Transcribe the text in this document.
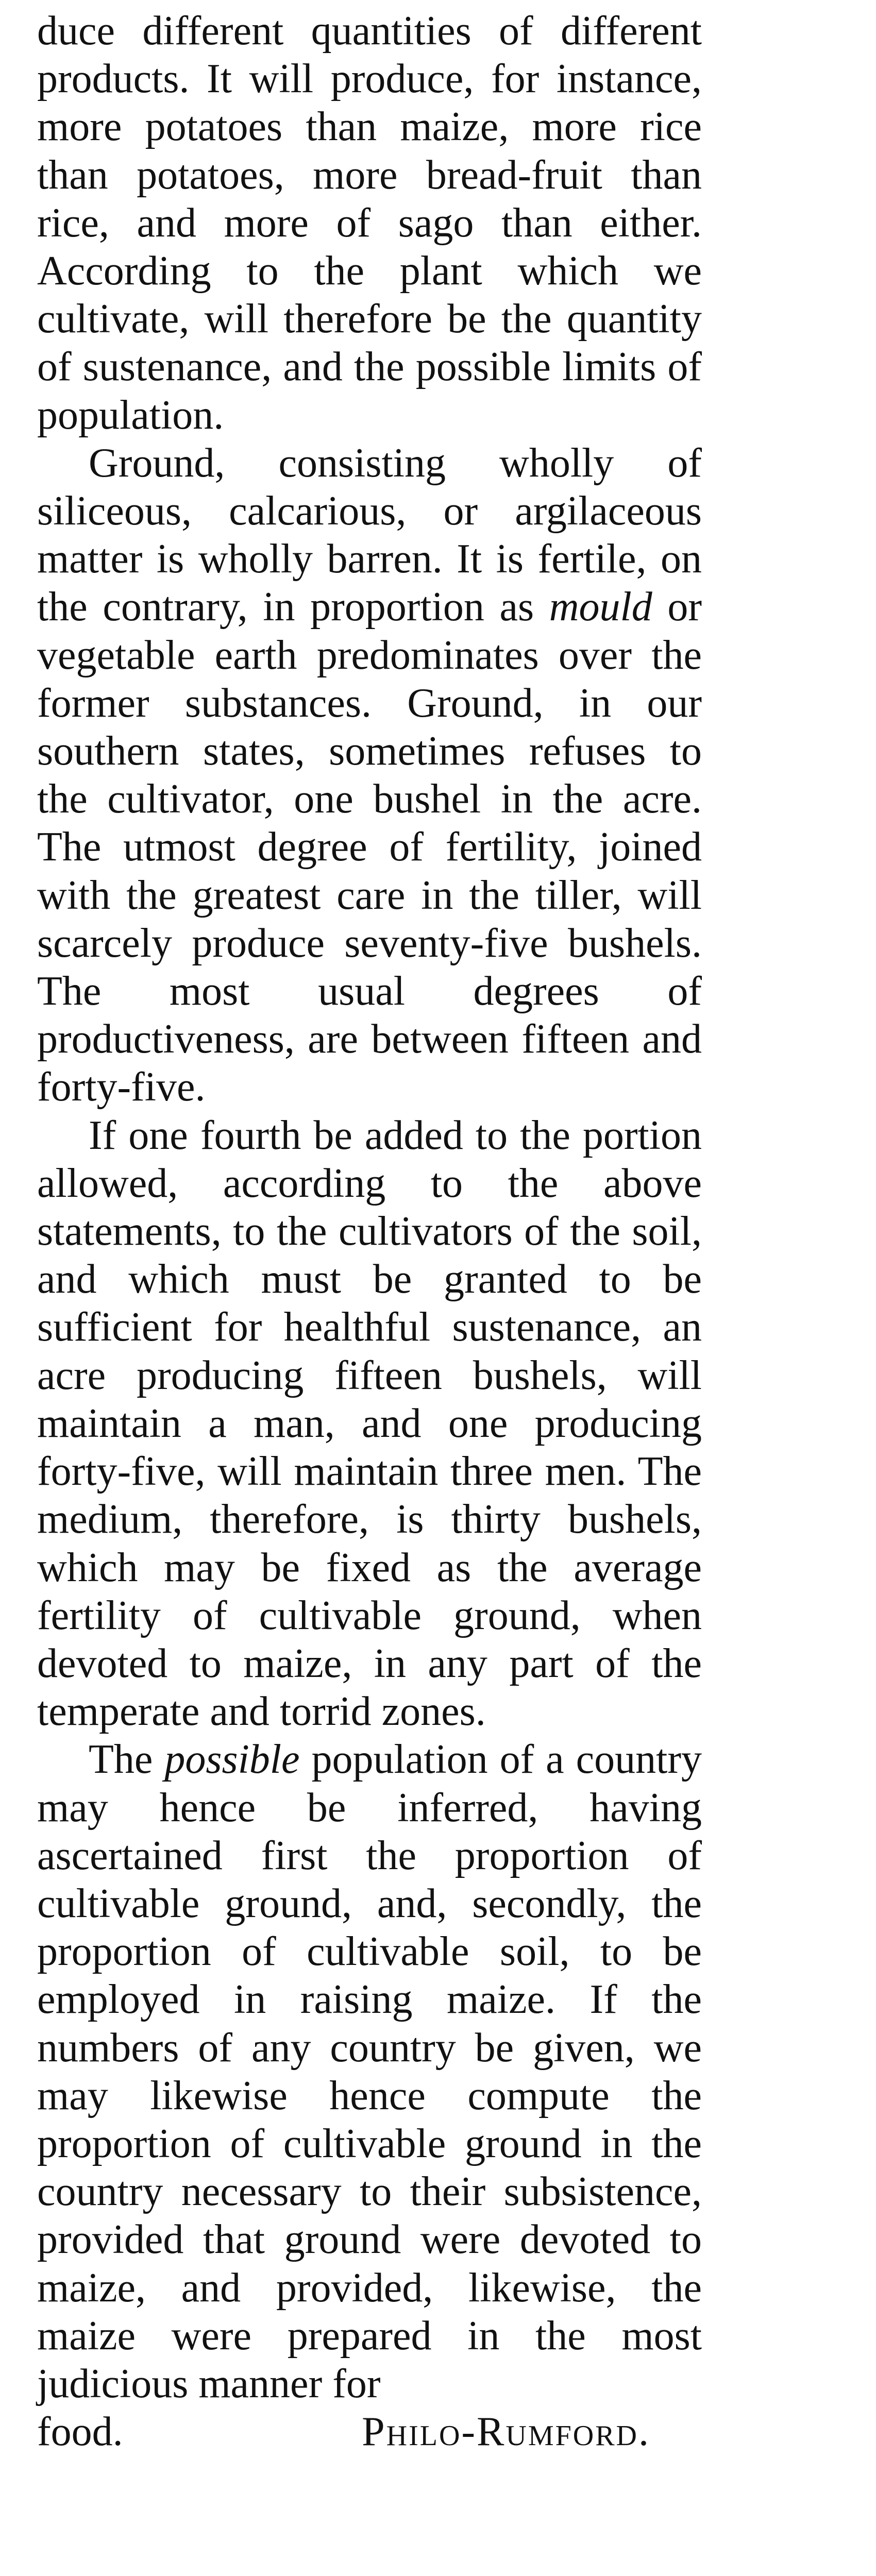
duce different quantities of different products. It will produce, for instance, more potatoes than maize, more rice than potatoes, more bread-fruit than rice, and more of sago than either. According to the plant which we cultivate, will therefore be the quantity of sustenance, and the possible limits of population.

Ground, consisting wholly of siliceous, calcarious, or argilaceous matter is wholly barren. It is fertile, on the contrary, in proportion as mould or vegetable earth predominates over the former substances. Ground, in our southern states, sometimes refuses to the cultivator, one bushel in the acre. The utmost degree of fertility, joined with the greatest care in the tiller, will scarcely produce seventy-five bushels. The most usual degrees of productiveness, are between fifteen and forty-five.

If one fourth be added to the portion allowed, according to the above statements, to the cultivators of the soil, and which must be granted to be sufficient for healthful sustenance, an acre producing fifteen bushels, will maintain a man, and one producing forty-five, will maintain three men. The medium, therefore, is thirty bushels, which may be fixed as the average fertility of cultivable ground, when devoted to maize, in any part of the temperate and torrid zones.

The possible population of a country may hence be inferred, having ascertained first the proportion of cultivable ground, and, secondly, the proportion of cultivable soil, to be employed in raising maize. If the numbers of any country be given, we may likewise hence compute the proportion of cultivable ground in the country necessary to their subsistence, provided that ground were devoted to maize, and provided, likewise, the maize were prepared in the most judicious manner for

food.	Philo-Rumford.
